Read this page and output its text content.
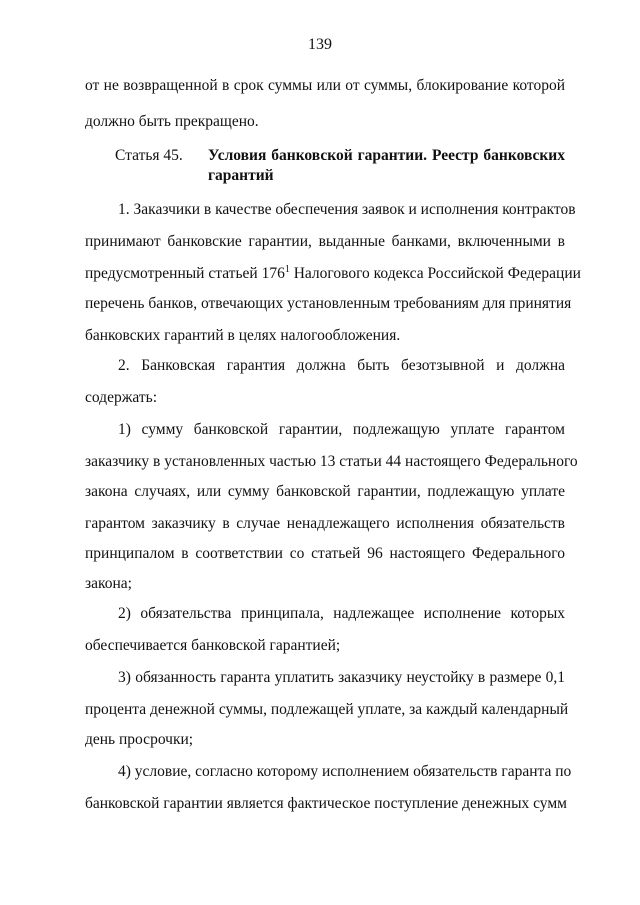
139
от не возвращенной в срок суммы или от суммы, блокирование которой
должно быть прекращено.
Статья 45. Условия банковской гарантии. Реестр банковских
гарантий
1. Заказчики в качестве обеспечения заявок и исполнения контрактов
принимают банковские гарантии, выданные банками, включенными в
предусмотренный статьей $176^1$ Налогового кодекса Российской Федерации
перечень банков, отвечающих установленным требованиям для принятия
банковских гарантий в целях налогообложения.
2. Банковская гарантия должна быть безотзывной и должна
содержать:
1) сумму банковской гарантии, подлежащую уплате гарантом
заказчику в установленных частью 13 статьи 44 настоящего Федерального
закона случаях, или сумму банковской гарантии, подлежащую уплате
гарантом заказчику в случае ненадлежащего исполнения обязательств
принципалом в соответствии со статьей 96 настоящего Федерального
закона;
2) обязательства принципала, надлежащее исполнение которых
обеспечивается банковской гарантией;
3) обязанность гаранта уплатить заказчику неустойку в размере 0,1
процента денежной суммы, подлежащей уплате, за каждый календарный
день просрочки;
4) условие, согласно которому исполнением обязательств гаранта по
банковской гарантии является фактическое поступление денежных сумм
